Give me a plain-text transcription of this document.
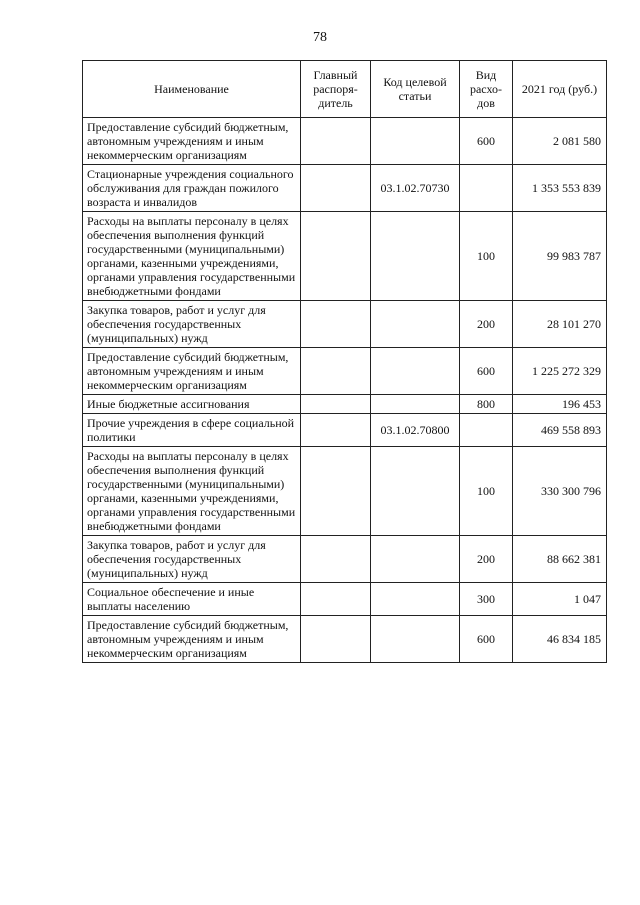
78
Наименование	Главный распоря-дитель	Код целевой статьи	Вид расхо-дов	2021 год (руб.)
Предоставление субсидий бюджетным, автономным учреждениям и иным некоммерческим организациям			600	2 081 580
Стационарные учреждения социального обслуживания для граждан пожилого возраста и инвалидов		03.1.02.70730		1 353 553 839
Расходы на выплаты персоналу в целях обеспечения выполнения функций государственными (муниципальными) органами, казенными учреждениями, органами управления государственными внебюджетными фондами			100	99 983 787
Закупка товаров, работ и услуг для обеспечения государственных (муниципальных) нужд			200	28 101 270
Предоставление субсидий бюджетным, автономным учреждениям и иным некоммерческим организациям			600	1 225 272 329
Иные бюджетные ассигнования			800	196 453
Прочие учреждения в сфере социальной политики		03.1.02.70800		469 558 893
Расходы на выплаты персоналу в целях обеспечения выполнения функций государственными (муниципальными) органами, казенными учреждениями, органами управления государственными внебюджетными фондами			100	330 300 796
Закупка товаров, работ и услуг для обеспечения государственных (муниципальных) нужд			200	88 662 381
Социальное обеспечение и иные выплаты населению			300	1 047
Предоставление субсидий бюджетным, автономным учреждениям и иным некоммерческим организациям			600	46 834 185
